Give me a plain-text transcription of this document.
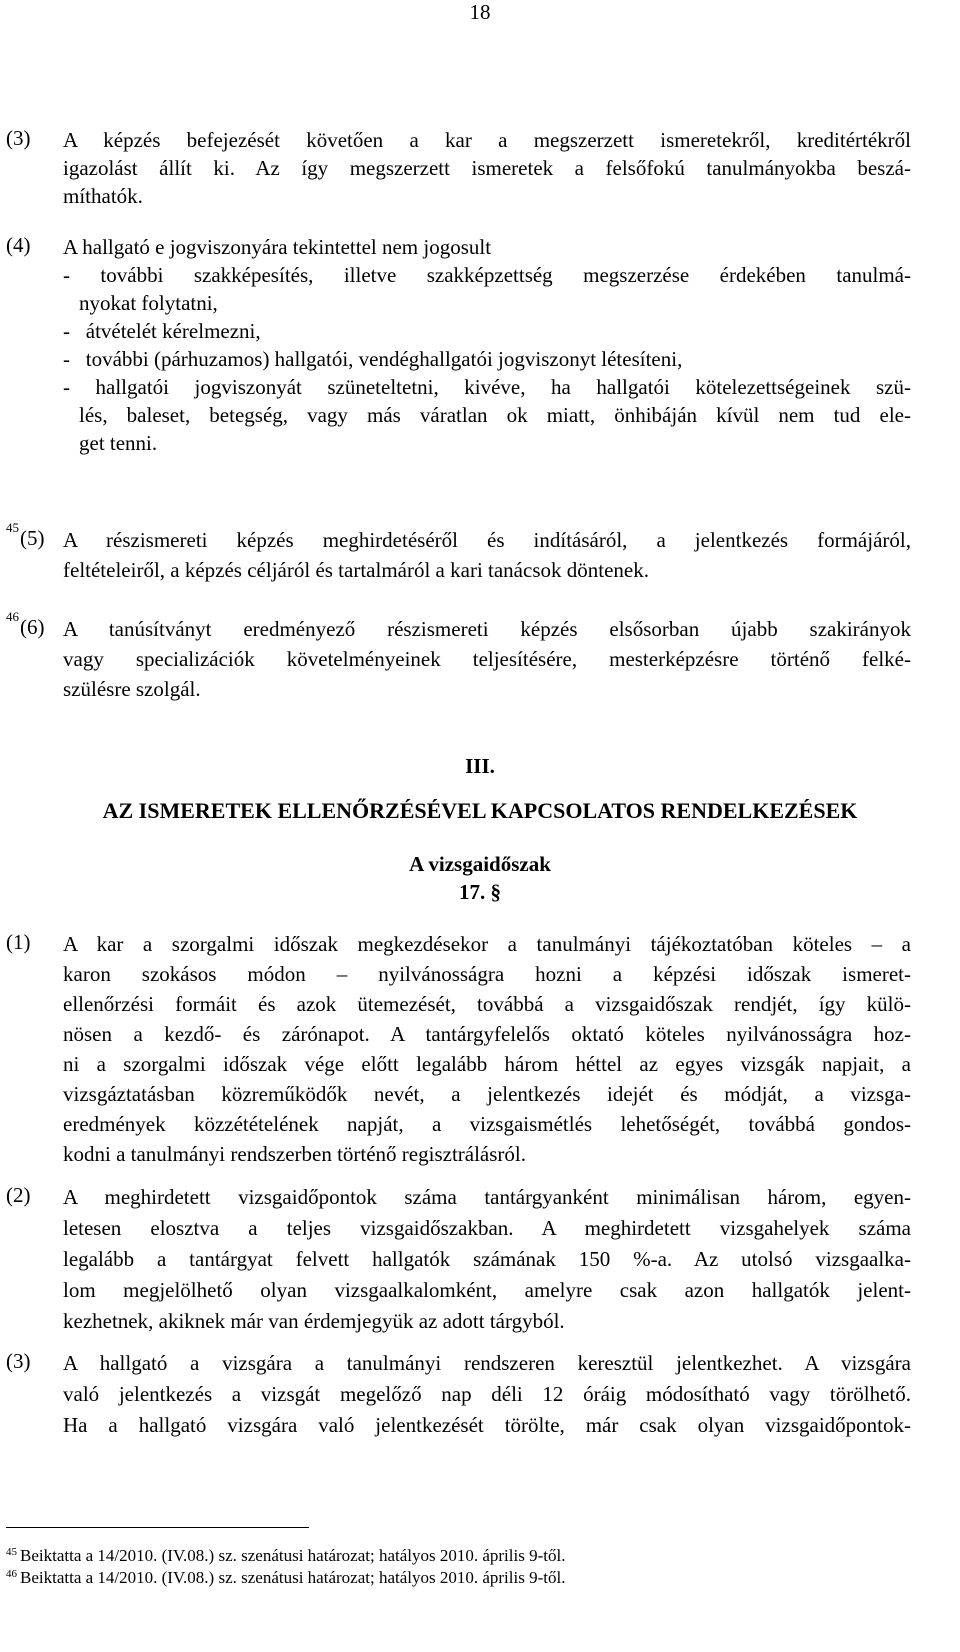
18
(3) A képzés befejezését követően a kar a megszerzett ismeretekről, kreditértékről
igazolást állít ki. Az így megszerzett ismeretek a felsőfokú tanulmányokba beszá-
míthatók.
(4) A hallgató e jogviszonyára tekintettel nem jogosult
- további szakképesítés, illetve szakképzettség megszerzése érdekében tanulmá-
nyokat folytatni,
-   átvételét kérelmezni,
-   további (párhuzamos) hallgatói, vendéghallgatói jogviszonyt létesíteni,
- hallgatói jogviszonyát szüneteltetni, kivéve, ha hallgatói kötelezettségeinek szü-
lés, baleset, betegség, vagy más váratlan ok miatt, önhibáján kívül nem tud ele-
get tenni.
$^{45}$(5) A részismereti képzés meghirdetéséről és indításáról, a jelentkezés formájáról,
feltételeiről, a képzés céljáról és tartalmáról a kari tanácsok döntenek.
$^{46}$(6) A tanúsítványt eredményező részismereti képzés elsősorban újabb szakirányok
vagy specializációk követelményeinek teljesítésére, mesterképzésre történő felké-
szülésre szolgál.
III.
AZ ISMERETEK ELLENŐRZÉSÉVEL KAPCSOLATOS RENDELKEZÉSEK
A vizsgaidőszak
17. §
(1) A kar a szorgalmi időszak megkezdésekor a tanulmányi tájékoztatóban köteles – a
karon szokásos módon – nyilvánosságra hozni a képzési időszak ismeret-
ellenőrzési formáit és azok ütemezését, továbbá a vizsgaidőszak rendjét, így külö-
nösen a kezdő- és zárónapot. A tantárgyfelelős oktató köteles nyilvánosságra hoz-
ni a szorgalmi időszak vége előtt legalább három héttel az egyes vizsgák napjait, a
vizsgáztatásban közreműködők nevét, a jelentkezés idejét és módját, a vizsga-
eredmények közzétételének napját, a vizsgaismétlés lehetőségét, továbbá gondos-
kodni a tanulmányi rendszerben történő regisztrálásról.
(2) A meghirdetett vizsgaidőpontok száma tantárgyanként minimálisan három, egyen-
letesen elosztva a teljes vizsgaidőszakban. A meghirdetett vizsgahelyek száma
legalább a tantárgyat felvett hallgatók számának 150 %-a. Az utolsó vizsgaalka-
lom megjelölhető olyan vizsgaalkalomként, amelyre csak azon hallgatók jelent-
kezhetnek, akiknek már van érdemjegyük az adott tárgyból.
(3) A hallgató a vizsgára a tanulmányi rendszeren keresztül jelentkezhet. A vizsgára
való jelentkezés a vizsgát megelőző nap déli 12 óráig módosítható vagy törölhető.
Ha a hallgató vizsgára való jelentkezését törölte, már csak olyan vizsgaidőpontok-
$^{45}$ Beiktatta a 14/2010. (IV.08.) sz. szenátusi határozat; hatályos 2010. április 9-től.
$^{46}$ Beiktatta a 14/2010. (IV.08.) sz. szenátusi határozat; hatályos 2010. április 9-től.
